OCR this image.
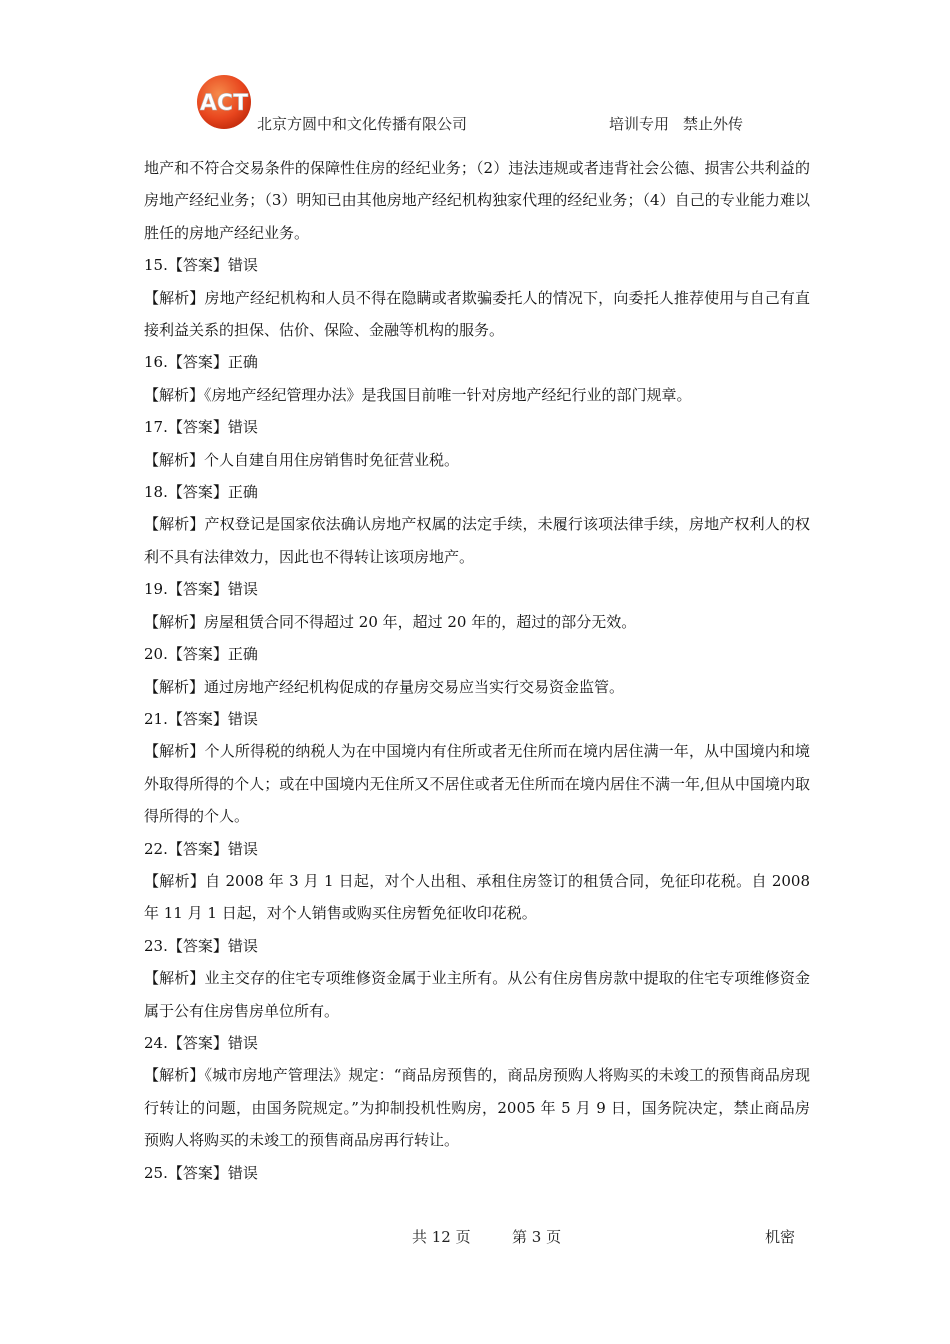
ACT
北京方圆中和文化传播有限公司	培训专用 禁止外传

地产和不符合交易条件的保障性住房的经纪业务；（2）违法违规或者违背社会公德、损害公共利益的房地产经纪业务；（3）明知已由其他房地产经纪机构独家代理的经纪业务；（4）自己的专业能力难以胜任的房地产经纪业务。

15.【答案】错误

【解析】房地产经纪机构和人员不得在隐瞒或者欺骗委托人的情况下，向委托人推荐使用与自己有直接利益关系的担保、估价、保险、金融等机构的服务。

16.【答案】正确

【解析】《房地产经纪管理办法》是我国目前唯一针对房地产经纪行业的部门规章。

17.【答案】错误

【解析】个人自建自用住房销售时免征营业税。

18.【答案】正确

【解析】产权登记是国家依法确认房地产权属的法定手续，未履行该项法律手续，房地产权利人的权利不具有法律效力，因此也不得转让该项房地产。

19.【答案】错误

【解析】房屋租赁合同不得超过 20 年，超过 20 年的，超过的部分无效。

20.【答案】正确

【解析】通过房地产经纪机构促成的存量房交易应当实行交易资金监管。

21.【答案】错误

【解析】个人所得税的纳税人为在中国境内有住所或者无住所而在境内居住满一年，从中国境内和境外取得所得的个人；或在中国境内无住所又不居住或者无住所而在境内居住不满一年,但从中国境内取得所得的个人。

22.【答案】错误

【解析】自 2008 年 3 月 1 日起，对个人出租、承租住房签订的租赁合同，免征印花税。自 2008 年 11 月 1 日起，对个人销售或购买住房暂免征收印花税。

23.【答案】错误

【解析】业主交存的住宅专项维修资金属于业主所有。从公有住房售房款中提取的住宅专项维修资金属于公有住房售房单位所有。

24.【答案】错误

【解析】《城市房地产管理法》规定：“商品房预售的，商品房预购人将购买的未竣工的预售商品房现行转让的问题，由国务院规定。”为抑制投机性购房，2005 年 5 月 9 日，国务院决定，禁止商品房预购人将购买的未竣工的预售商品房再行转让。

25.【答案】错误

共 12 页	第 3 页	机密
